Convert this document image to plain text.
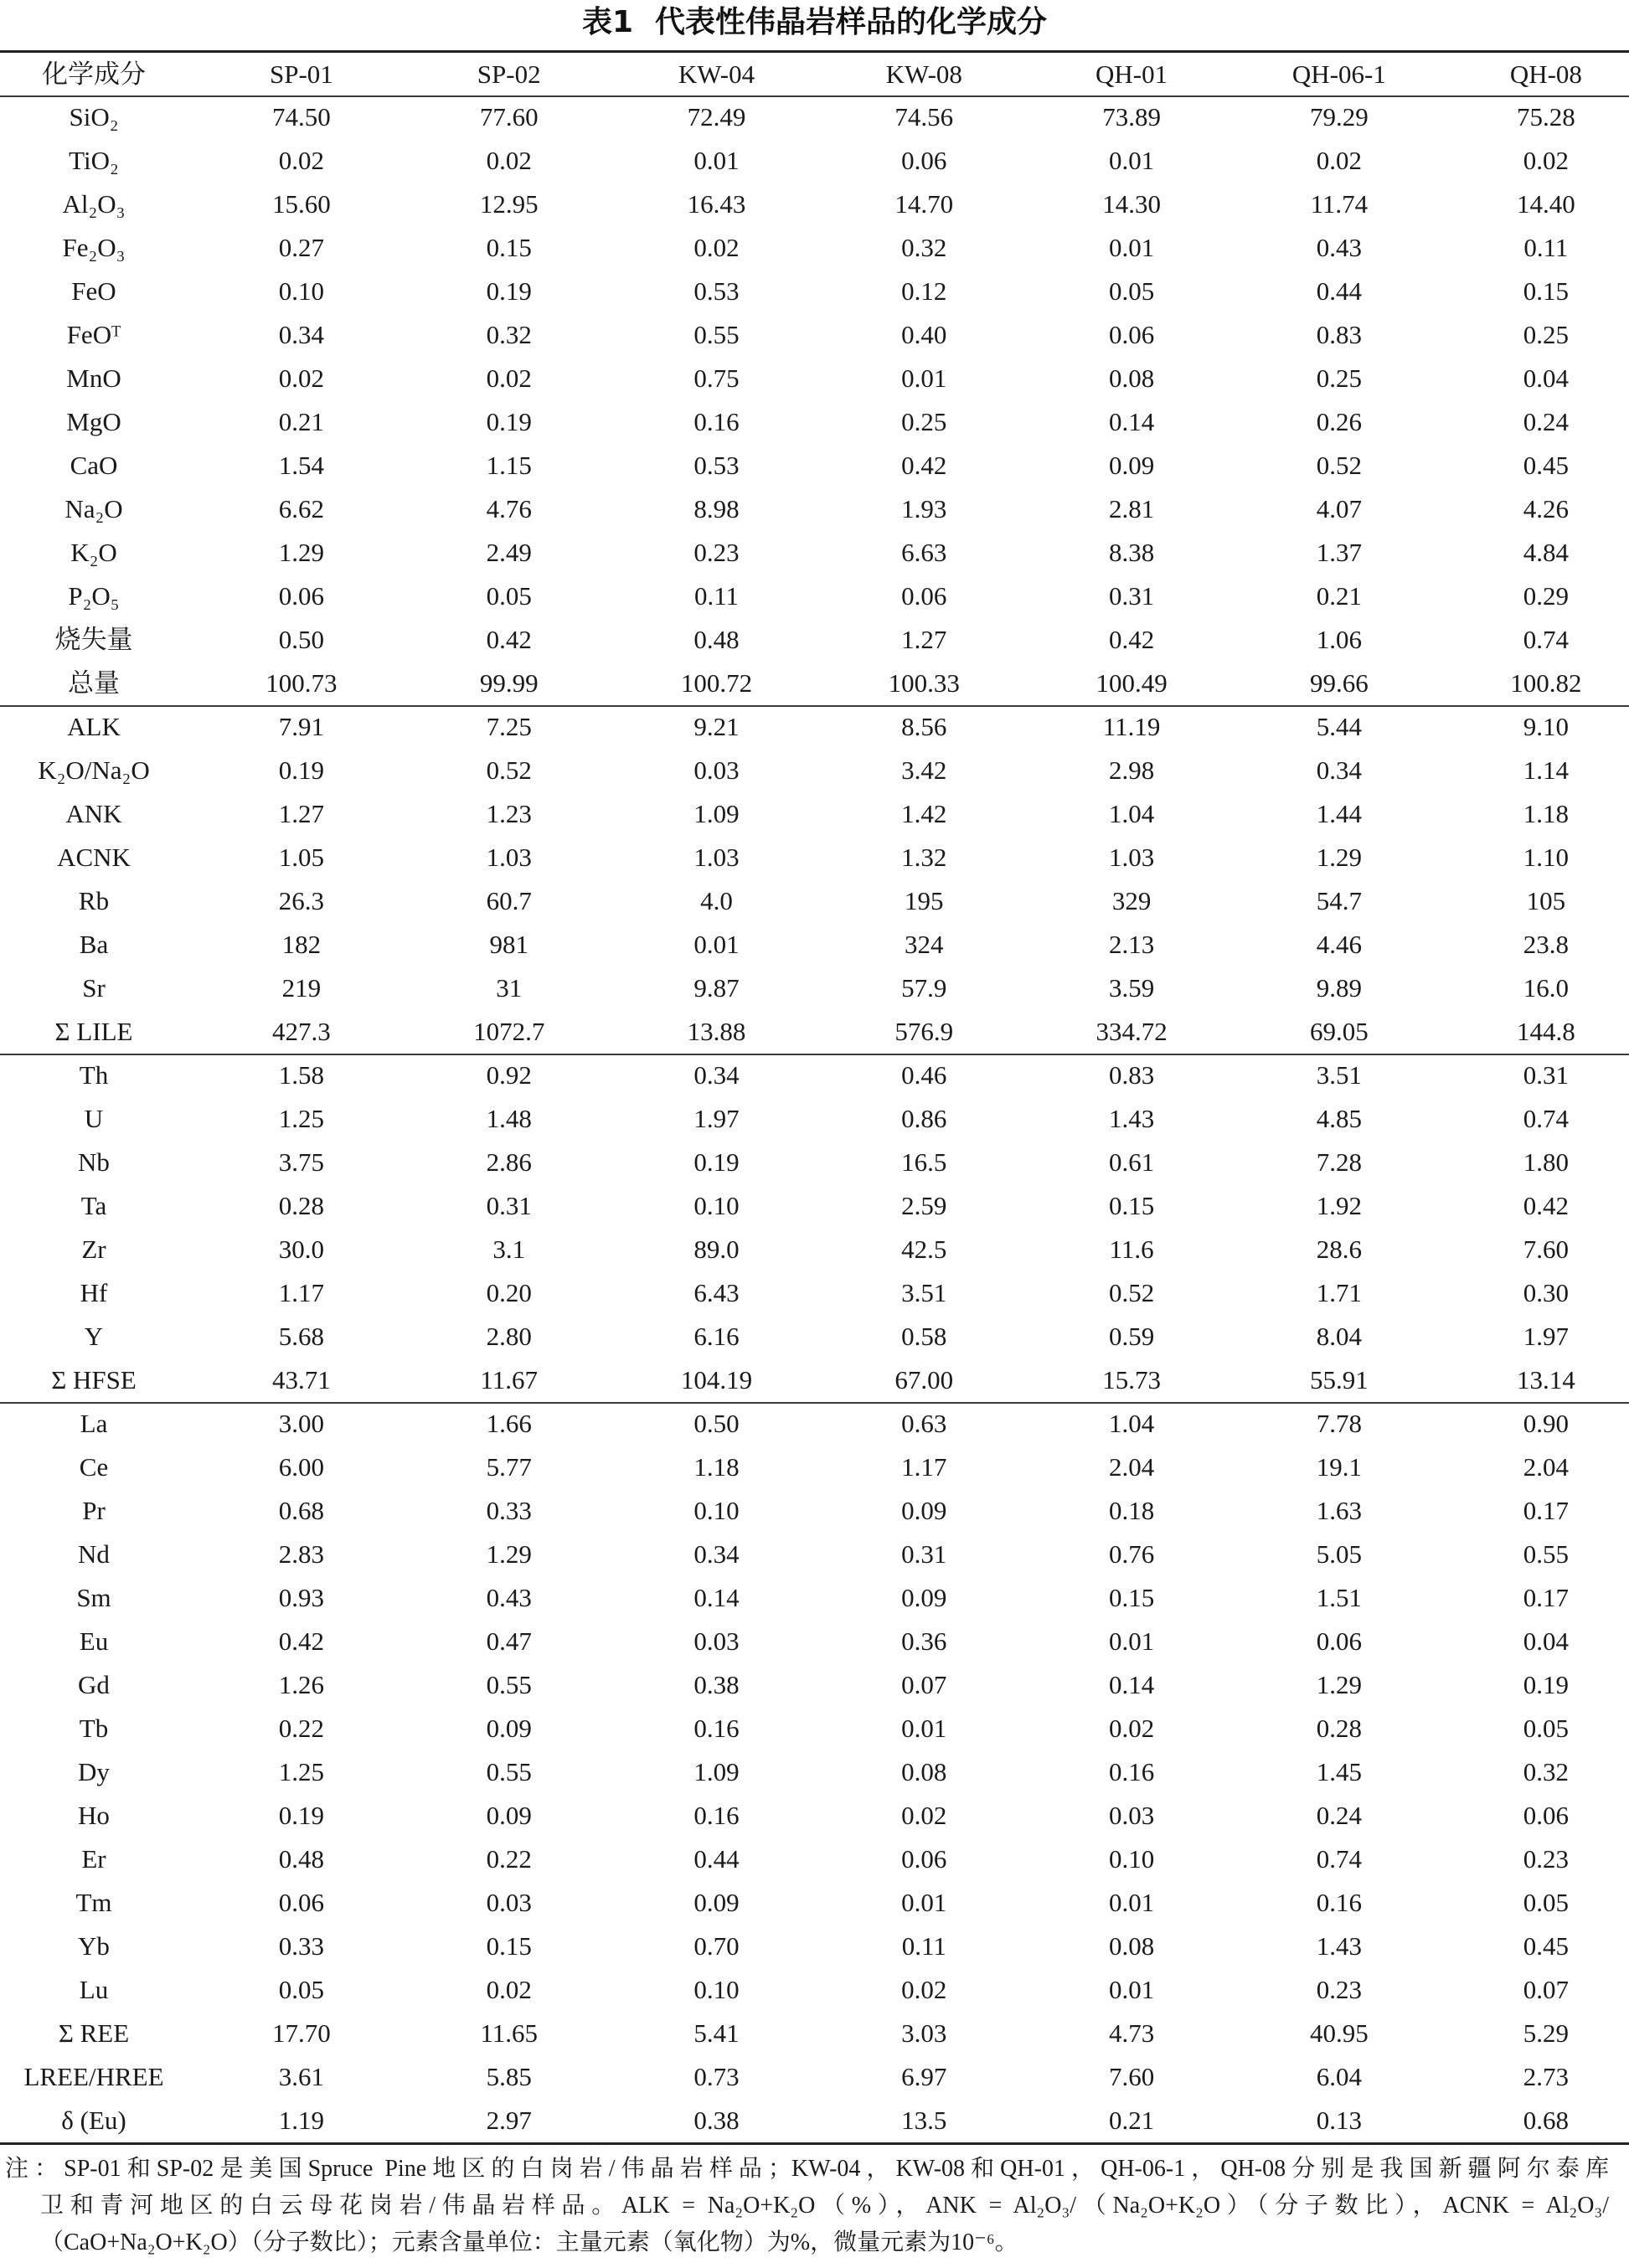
表1 代表性伟晶岩样品的化学成分
化学成分	SP-01	SP-02	KW-04	KW-08	QH-01	QH-06-1	QH-08
SiO₂	74.50	77.60	72.49	74.56	73.89	79.29	75.28
TiO₂	0.02	0.02	0.01	0.06	0.01	0.02	0.02
Al₂O₃	15.60	12.95	16.43	14.70	14.30	11.74	14.40
Fe₂O₃	0.27	0.15	0.02	0.32	0.01	0.43	0.11
FeO	0.10	0.19	0.53	0.12	0.05	0.44	0.15
FeOᵀ	0.34	0.32	0.55	0.40	0.06	0.83	0.25
MnO	0.02	0.02	0.75	0.01	0.08	0.25	0.04
MgO	0.21	0.19	0.16	0.25	0.14	0.26	0.24
CaO	1.54	1.15	0.53	0.42	0.09	0.52	0.45
Na₂O	6.62	4.76	8.98	1.93	2.81	4.07	4.26
K₂O	1.29	2.49	0.23	6.63	8.38	1.37	4.84
P₂O₅	0.06	0.05	0.11	0.06	0.31	0.21	0.29
烧失量	0.50	0.42	0.48	1.27	0.42	1.06	0.74
总量	100.73	99.99	100.72	100.33	100.49	99.66	100.82
ALK	7.91	7.25	9.21	8.56	11.19	5.44	9.10
K₂O/Na₂O	0.19	0.52	0.03	3.42	2.98	0.34	1.14
ANK	1.27	1.23	1.09	1.42	1.04	1.44	1.18
ACNK	1.05	1.03	1.03	1.32	1.03	1.29	1.10
Rb	26.3	60.7	4.0	195	329	54.7	105
Ba	182	981	0.01	324	2.13	4.46	23.8
Sr	219	31	9.87	57.9	3.59	9.89	16.0
Σ LILE	427.3	1072.7	13.88	576.9	334.72	69.05	144.8
Th	1.58	0.92	0.34	0.46	0.83	3.51	0.31
U	1.25	1.48	1.97	0.86	1.43	4.85	0.74
Nb	3.75	2.86	0.19	16.5	0.61	7.28	1.80
Ta	0.28	0.31	0.10	2.59	0.15	1.92	0.42
Zr	30.0	3.1	89.0	42.5	11.6	28.6	7.60
Hf	1.17	0.20	6.43	3.51	0.52	1.71	0.30
Y	5.68	2.80	6.16	0.58	0.59	8.04	1.97
Σ HFSE	43.71	11.67	104.19	67.00	15.73	55.91	13.14
La	3.00	1.66	0.50	0.63	1.04	7.78	0.90
Ce	6.00	5.77	1.18	1.17	2.04	19.1	2.04
Pr	0.68	0.33	0.10	0.09	0.18	1.63	0.17
Nd	2.83	1.29	0.34	0.31	0.76	5.05	0.55
Sm	0.93	0.43	0.14	0.09	0.15	1.51	0.17
Eu	0.42	0.47	0.03	0.36	0.01	0.06	0.04
Gd	1.26	0.55	0.38	0.07	0.14	1.29	0.19
Tb	0.22	0.09	0.16	0.01	0.02	0.28	0.05
Dy	1.25	0.55	1.09	0.08	0.16	1.45	0.32
Ho	0.19	0.09	0.16	0.02	0.03	0.24	0.06
Er	0.48	0.22	0.44	0.06	0.10	0.74	0.23
Tm	0.06	0.03	0.09	0.01	0.01	0.16	0.05
Yb	0.33	0.15	0.70	0.11	0.08	1.43	0.45
Lu	0.05	0.02	0.10	0.02	0.01	0.23	0.07
Σ REE	17.70	11.65	5.41	3.03	4.73	40.95	5.29
LREE/HREE	3.61	5.85	0.73	6.97	7.60	6.04	2.73
δ (Eu)	1.19	2.97	0.38	13.5	0.21	0.13	0.68
注：SP-01和SP-02是美国Spruce Pine地区的白岗岩/伟晶岩样品；KW-04，KW-08和QH-01，QH-06-1，QH-08分别是我国新疆阿尔泰库
卫和青河地区的白云母花岗岩/伟晶岩样品。ALK = Na₂O+K₂O（%），ANK = Al₂O₃/（Na₂O+K₂O）（分子数比），ACNK = Al₂O₃/
（CaO+Na₂O+K₂O）（分子数比）；元素含量单位：主量元素（氧化物）为%，微量元素为10⁻⁶。
